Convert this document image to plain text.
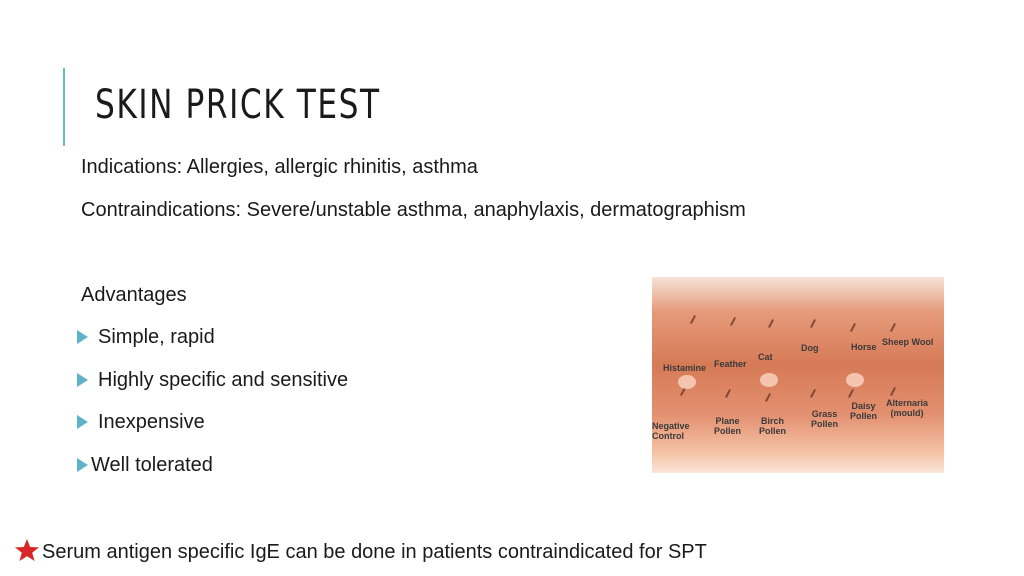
SKIN PRICK TEST
Indications: Allergies, allergic rhinitis, asthma
Contraindications: Severe/unstable asthma, anaphylaxis, dermatographism
Advantages
Simple, rapid
Highly specific and sensitive
Inexpensive
Well tolerated
Histamine Feather
Cat
Dog	Horse Sheep Wool
Negative
Control
Plane
Pollen
Birch
Pollen
Grass
Pollen
Daisy
Pollen
Alternaria
(mould)
Serum antigen specific IgE can be done in patients contraindicated for SPT
